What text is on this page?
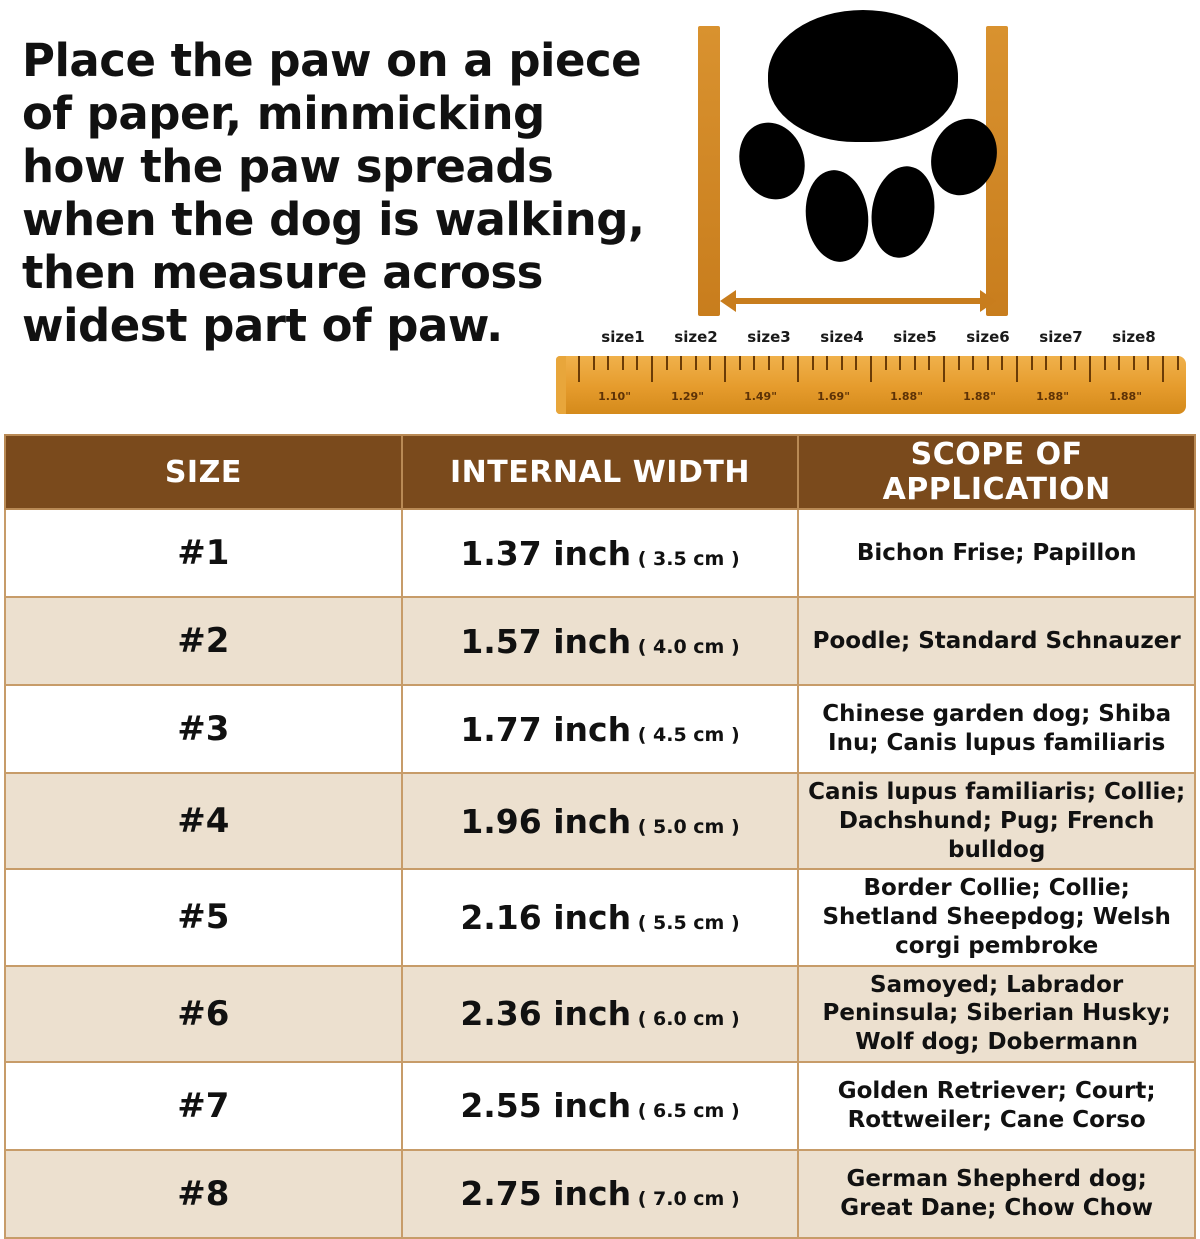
Place the paw on a piece of paper, minmicking how the paw spreads when the dog is walking, then measure across widest part of paw.	size1	size2	size3	size4	size5	size6	size7	size8
1.10"	1.29"	1.49"	1.69"	1.88"	1.88"	1.88"	1.88"
SIZE	INTERNAL WIDTH	SCOPE OF APPLICATION
#1	1.37 inch ( 3.5 cm )	Bichon Frise; Papillon
#2	1.57 inch ( 4.0 cm )	Poodle; Standard Schnauzer
#3	1.77 inch ( 4.5 cm )	Chinese garden dog; Shiba Inu; Canis lupus familiaris
#4	1.96 inch ( 5.0 cm )	Canis lupus familiaris; Collie; Dachshund; Pug; French bulldog
#5	2.16 inch ( 5.5 cm )	Border Collie; Collie; Shetland Sheepdog; Welsh corgi pembroke
#6	2.36 inch ( 6.0 cm )	Samoyed; Labrador Peninsula; Siberian Husky; Wolf dog; Dobermann
#7	2.55 inch ( 6.5 cm )	Golden Retriever; Court; Rottweiler; Cane Corso
#8	2.75 inch ( 7.0 cm )	German Shepherd dog; Great Dane; Chow Chow
